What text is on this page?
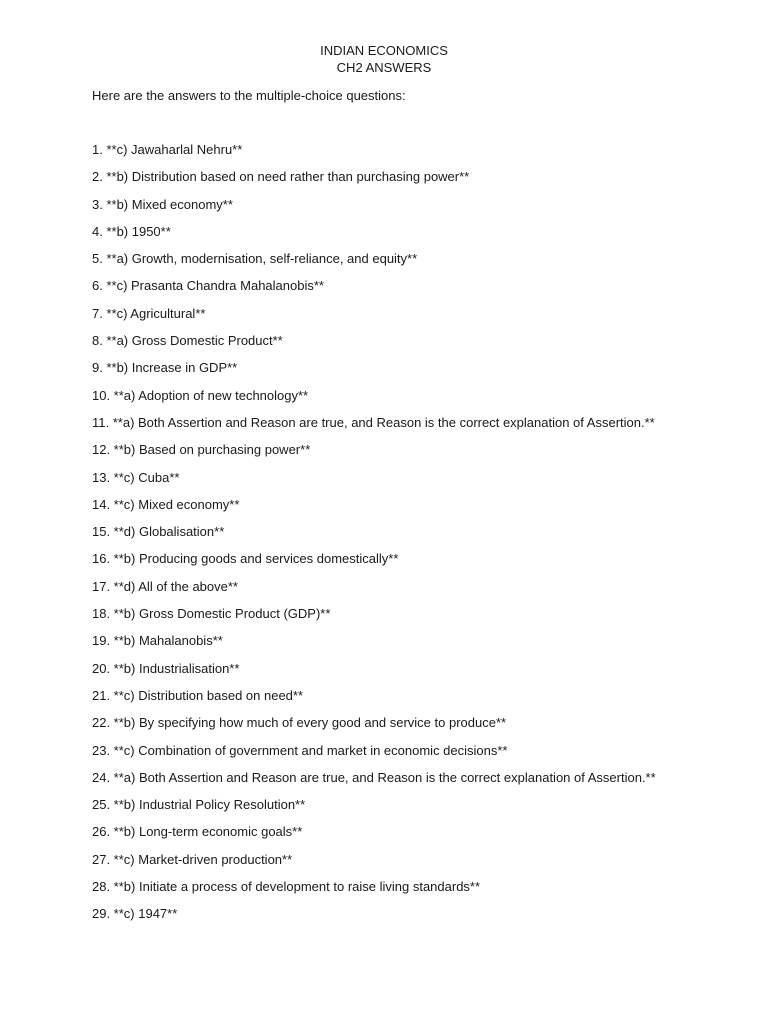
INDIAN ECONOMICS
CH2 ANSWERS
Here are the answers to the multiple-choice questions:
1. **c) Jawaharlal Nehru**
2. **b) Distribution based on need rather than purchasing power**
3. **b) Mixed economy**
4. **b) 1950**
5. **a) Growth, modernisation, self-reliance, and equity**
6. **c) Prasanta Chandra Mahalanobis**
7. **c) Agricultural**
8. **a) Gross Domestic Product**
9. **b) Increase in GDP**
10. **a) Adoption of new technology**
11. **a) Both Assertion and Reason are true, and Reason is the correct explanation of Assertion.**
12. **b) Based on purchasing power**
13. **c) Cuba**
14. **c) Mixed economy**
15. **d) Globalisation**
16. **b) Producing goods and services domestically**
17. **d) All of the above**
18. **b) Gross Domestic Product (GDP)**
19. **b) Mahalanobis**
20. **b) Industrialisation**
21. **c) Distribution based on need**
22. **b) By specifying how much of every good and service to produce**
23. **c) Combination of government and market in economic decisions**
24. **a) Both Assertion and Reason are true, and Reason is the correct explanation of Assertion.**
25. **b) Industrial Policy Resolution**
26. **b) Long-term economic goals**
27. **c) Market-driven production**
28. **b) Initiate a process of development to raise living standards**
29. **c) 1947**
